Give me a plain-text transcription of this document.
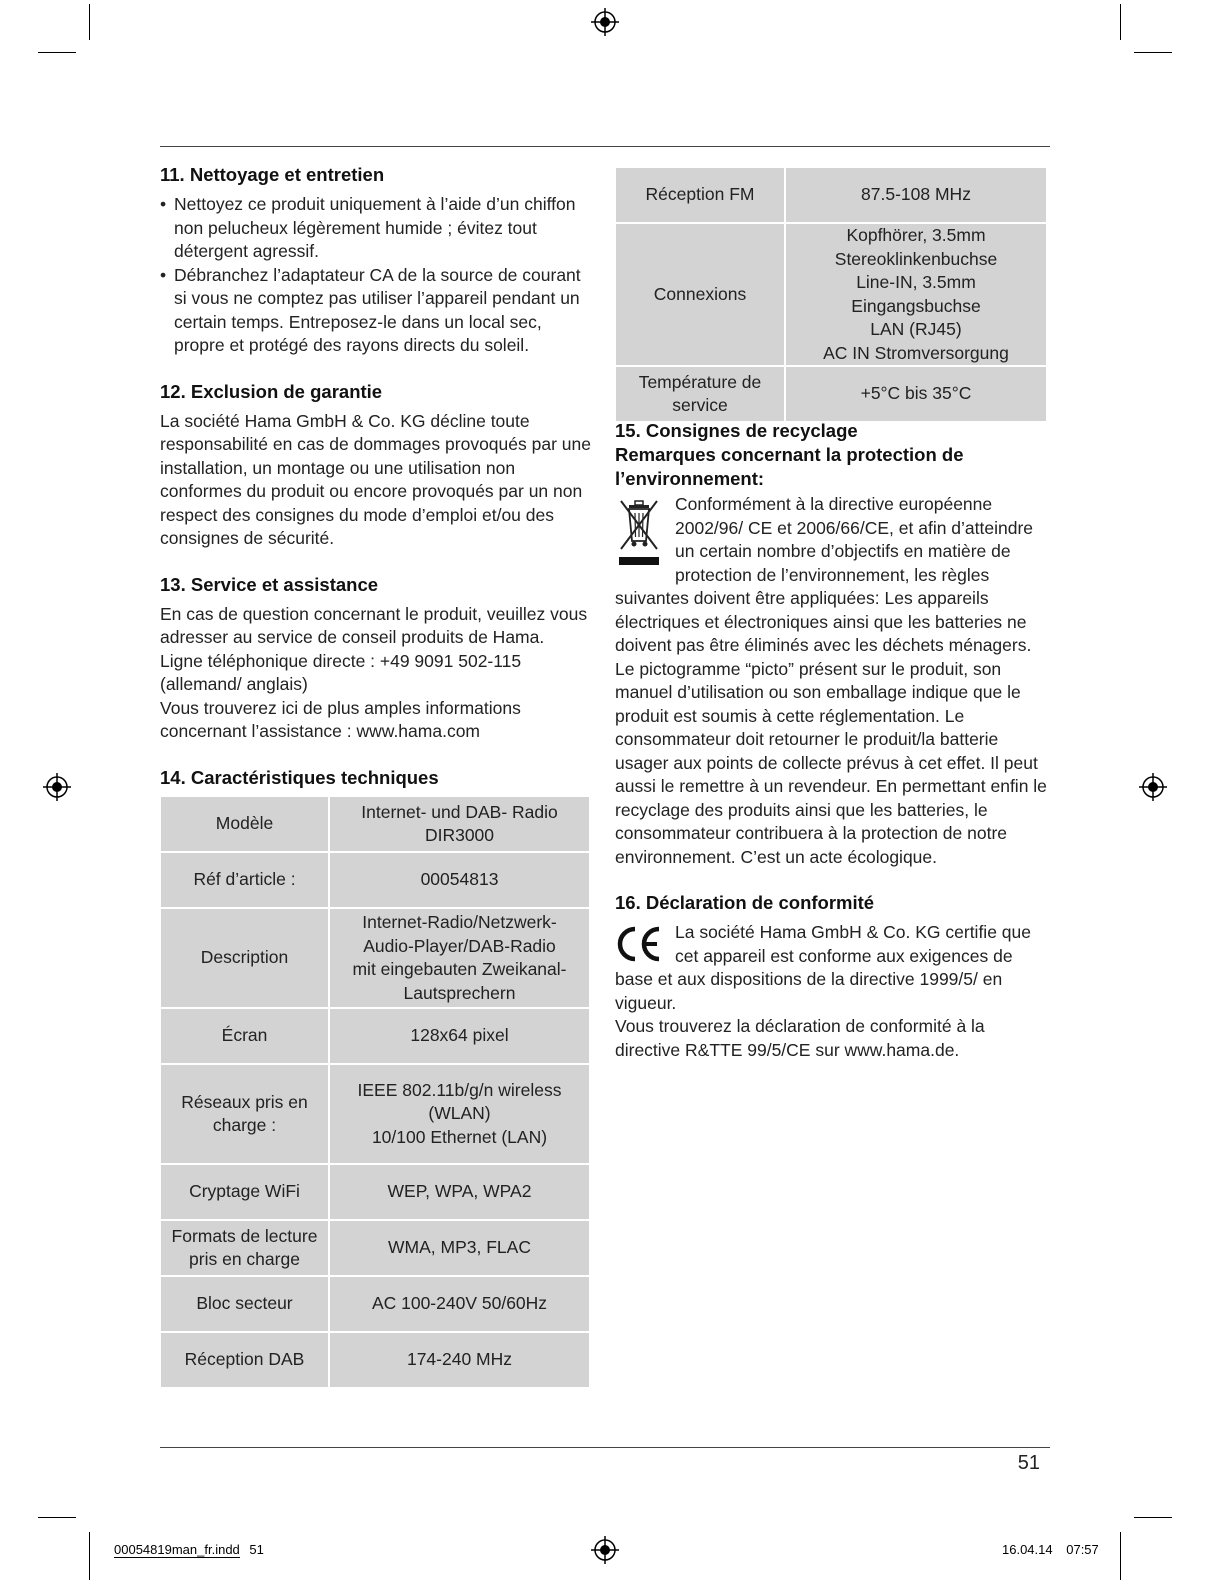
11. Nettoyage et entretien
• Nettoyez ce produit uniquement à l’aide d’un chiffon non pelucheux légèrement humide ; évitez tout détergent agressif.
• Débranchez l’adaptateur CA de la source de courant si vous ne comptez pas utiliser l’appareil pendant un certain temps. Entreposez-le dans un local sec, propre et protégé des rayons directs du soleil.
12. Exclusion de garantie

La société Hama GmbH & Co. KG décline toute responsabilité en cas de dommages provoqués par une installation, un montage ou une utilisation non conformes du produit ou encore provoqués par un non respect des consignes du mode d’emploi et/ou des consignes de sécurité.

13. Service et assistance

En cas de question concernant le produit, veuillez vous adresser au service de conseil produits de Hama.

Ligne téléphonique directe : +49 9091 502-115 (allemand/ anglais)

Vous trouverez ici de plus amples informations concernant l’assistance : www.hama.com

14. Caractéristiques techniques
Modèle	Internet- und DAB- Radio
DIR3000
Réf d’article :	00054813
Description	Internet-Radio/Netzwerk-
Audio-Player/DAB-Radio
mit eingebauten Zweikanal-
Lautsprechern
Écran	128x64 pixel
Réseaux pris en charge :	IEEE 802.11b/g/n wireless
(WLAN)
10/100 Ethernet (LAN)
Cryptage WiFi	WEP, WPA, WPA2
Formats de lecture pris en charge	WMA, MP3, FLAC
Bloc secteur	AC 100-240V 50/60Hz
Réception DAB	174-240 MHz
Réception FM	87.5-108 MHz
Connexions	Kopfhörer, 3.5mm
Stereoklinkenbuchse
Line-IN, 3.5mm Eingangsbuchse
LAN (RJ45)
AC IN Stromversorgung
Température de service	+5°C bis 35°C
15. Consignes de recyclage
Remarques concernant la protection de l’environnement:
Conformément à la directive européenne 2002/96/ CE et 2006/66/CE, et afin d’atteindre un certain nombre d’objectifs en matière de protection de l’environnement, les règles suivantes doivent être appliquées: Les appareils électriques et électroniques ainsi que les batteries ne doivent pas être éliminés avec les déchets ménagers. Le pictogramme “picto” présent sur le produit, son manuel d’utilisation ou son emballage indique que le produit est soumis à cette réglementation. Le consommateur doit retourner le produit/la batterie usager aux points de collecte prévus à cet effet. Il peut aussi le remettre à un revendeur. En permettant enfin le recyclage des produits ainsi que les batteries, le consommateur contribuera à la protection de notre environnement. C’est un acte écologique.
16. Déclaration de conformité
La société Hama GmbH & Co. KG certifie que cet appareil est conforme aux exigences de base et aux dispositions de la directive 1999/5/ en vigueur.

Vous trouverez la déclaration de conformité à la directive R&TTE 99/5/CE sur www.hama.de.

51
00054819man_fr.indd 51	16.04.14 07:57
